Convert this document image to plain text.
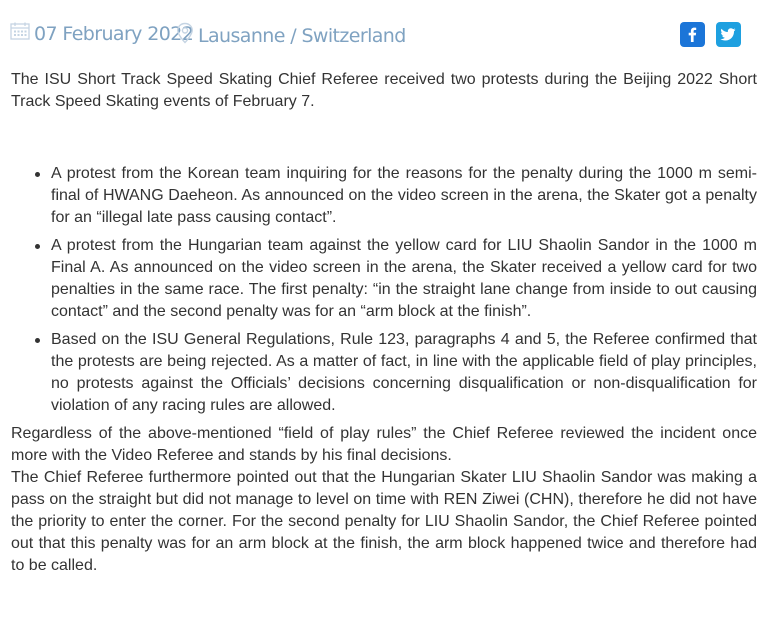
07 February 2022 Lausanne / Switzerland

The ISU Short Track Speed Skating Chief Referee received two protests during the Beijing 2022 Short Track Speed Skating events of February 7.

A protest from the Korean team inquiring for the reasons for the penalty during the 1000 m semi-final of HWANG Daeheon. As announced on the video screen in the arena, the Skater got a penalty for an “illegal late pass causing contact”.
A protest from the Hungarian team against the yellow card for LIU Shaolin Sandor in the 1000 m Final A. As announced on the video screen in the arena, the Skater received a yellow card for two penalties in the same race. The first penalty: “in the straight lane change from inside to out causing contact” and the second penalty was for an “arm block at the finish”.
Based on the ISU General Regulations, Rule 123, paragraphs 4 and 5, the Referee confirmed that the protests are being rejected. As a matter of fact, in line with the applicable field of play principles, no protests against the Officials’ decisions concerning disqualification or non-disqualification for violation of any racing rules are allowed.

Regardless of the above-mentioned “field of play rules” the Chief Referee reviewed the incident once more with the Video Referee and stands by his final decisions.

The Chief Referee furthermore pointed out that the Hungarian Skater LIU Shaolin Sandor was making a pass on the straight but did not manage to level on time with REN Ziwei (CHN), therefore he did not have the priority to enter the corner. For the second penalty for LIU Shaolin Sandor, the Chief Referee pointed out that this penalty was for an arm block at the finish, the arm block happened twice and therefore had to be called.
